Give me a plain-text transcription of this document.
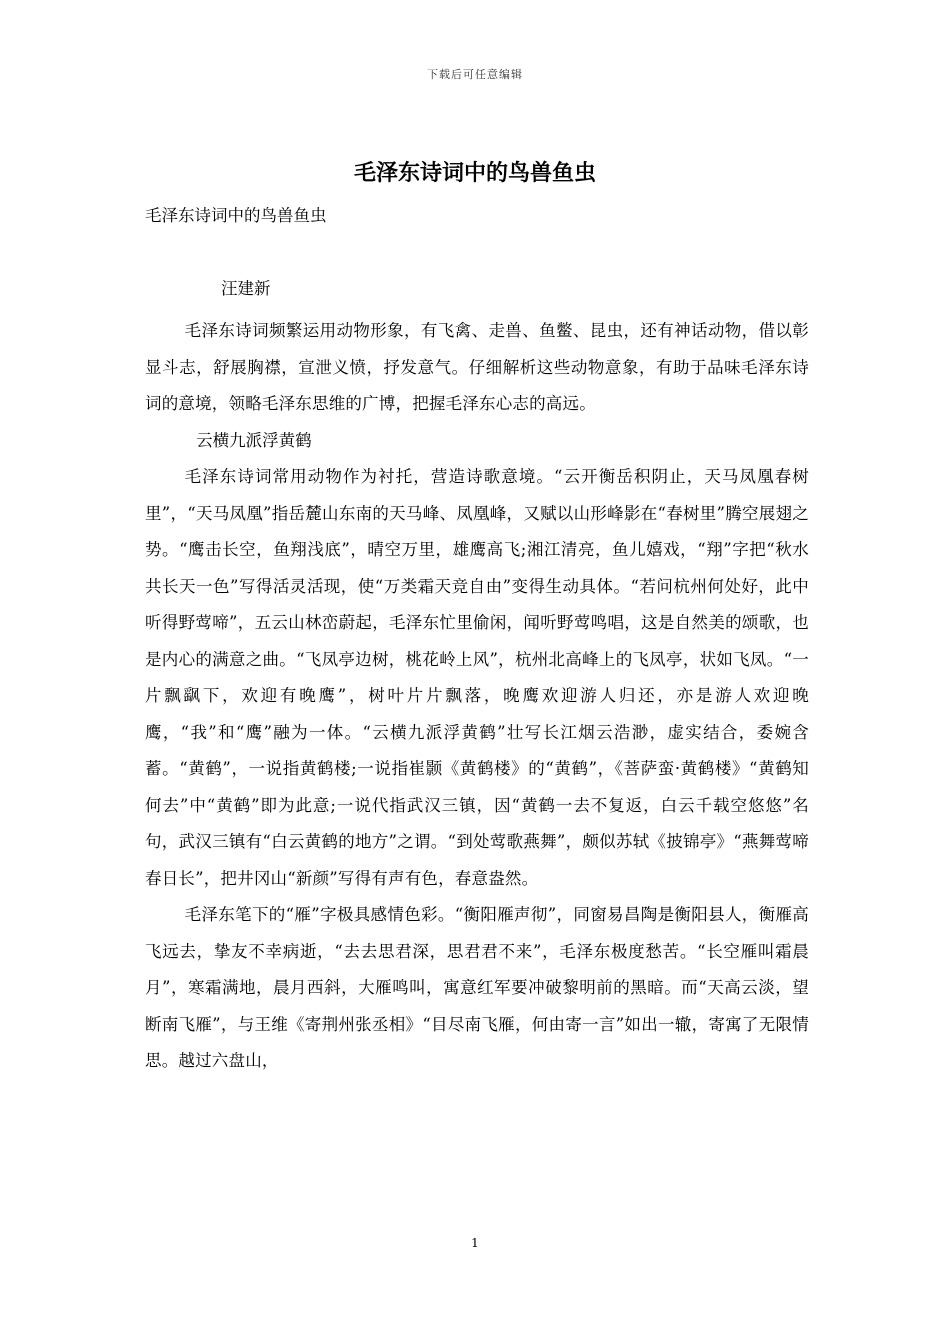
下载后可任意编辑
毛泽东诗词中的鸟兽鱼虫
毛泽东诗词中的鸟兽鱼虫
汪建新

毛泽东诗词频繁运用动物形象，有飞禽、走兽、鱼鳖、昆虫，还有神话动物，借以彰显斗志，舒展胸襟，宣泄义愤，抒发意气。仔细解析这些动物意象，有助于品味毛泽东诗词的意境，领略毛泽东思维的广博，把握毛泽东心志的高远。

云横九派浮黄鹤

毛泽东诗词常用动物作为衬托，营造诗歌意境。“云开衡岳积阴止，天马凤凰春树里”，“天马凤凰”指岳麓山东南的天马峰、凤凰峰，又赋以山形峰影在“春树里”腾空展翅之势。“鹰击长空，鱼翔浅底”，晴空万里，雄鹰高飞;湘江清亮，鱼儿嬉戏，“翔”字把“秋水共长天一色”写得活灵活现，使“万类霜天竞自由”变得生动具体。“若问杭州何处好，此中听得野莺啼”，五云山林峦蔚起，毛泽东忙里偷闲，闻听野莺鸣唱，这是自然美的颂歌，也是内心的满意之曲。“飞凤亭边树，桃花岭上风”，杭州北高峰上的飞凤亭，状如飞凤。“一片飘飖下，欢迎有晚鹰”，树叶片片飘落，晚鹰欢迎游人归还，亦是游人欢迎晚鹰，“我”和“鹰”融为一体。“云横九派浮黄鹤”壮写长江烟云浩渺，虚实结合，委婉含蓄。“黄鹤”，一说指黄鹤楼;一说指崔颢《黄鹤楼》的“黄鹤”，《菩萨蛮·黄鹤楼》“黄鹤知何去”中“黄鹤”即为此意;一说代指武汉三镇，因“黄鹤一去不复返，白云千载空悠悠”名句，武汉三镇有“白云黄鹤的地方”之谓。“到处莺歌燕舞”，颇似苏轼《披锦亭》“燕舞莺啼春日长”，把井冈山“新颜”写得有声有色，春意盎然。

毛泽东笔下的“雁”字极具感情色彩。“衡阳雁声彻”，同窗易昌陶是衡阳县人，衡雁高飞远去，挚友不幸病逝，“去去思君深，思君君不来”，毛泽东极度愁苦。“长空雁叫霜晨月”，寒霜满地，晨月西斜，大雁鸣叫，寓意红军要冲破黎明前的黑暗。而“天高云淡，望断南飞雁”，与王维《寄荆州张丞相》“目尽南飞雁，何由寄一言”如出一辙，寄寓了无限情思。越过六盘山，

1
